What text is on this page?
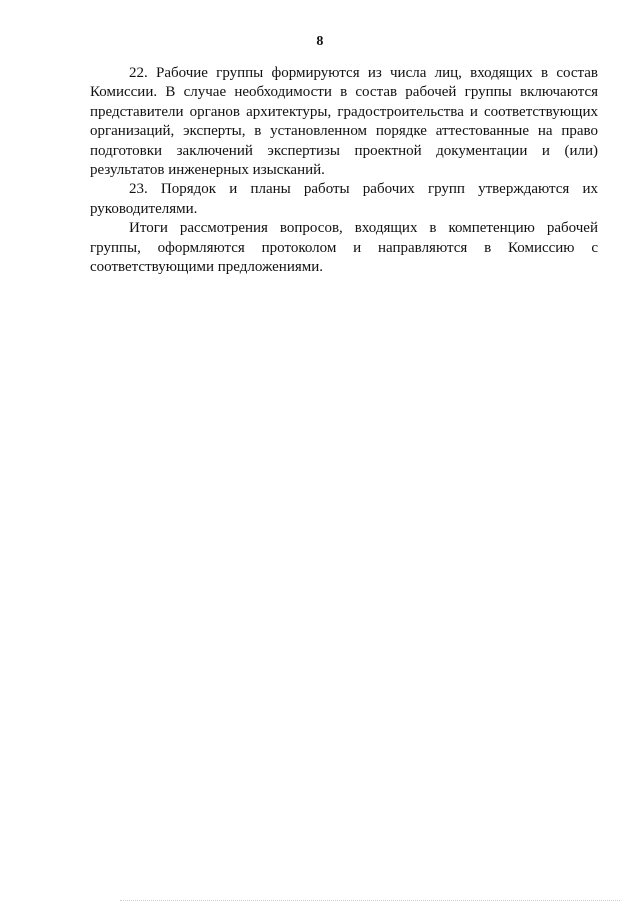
8

22. Рабочие группы формируются из числа лиц, входящих в состав Комиссии. В случае необходимости в состав рабочей группы включаются представители органов архитектуры, градостроительства и соответствующих организаций, эксперты, в установленном порядке аттестованные на право подготовки заключений экспертизы проектной документации и (или) результатов инженерных изысканий.

23. Порядок и планы работы рабочих групп утверждаются их руководителями.

Итоги рассмотрения вопросов, входящих в компетенцию рабочей группы, оформляются протоколом и направляются в Комиссию с соответствующими предложениями.
